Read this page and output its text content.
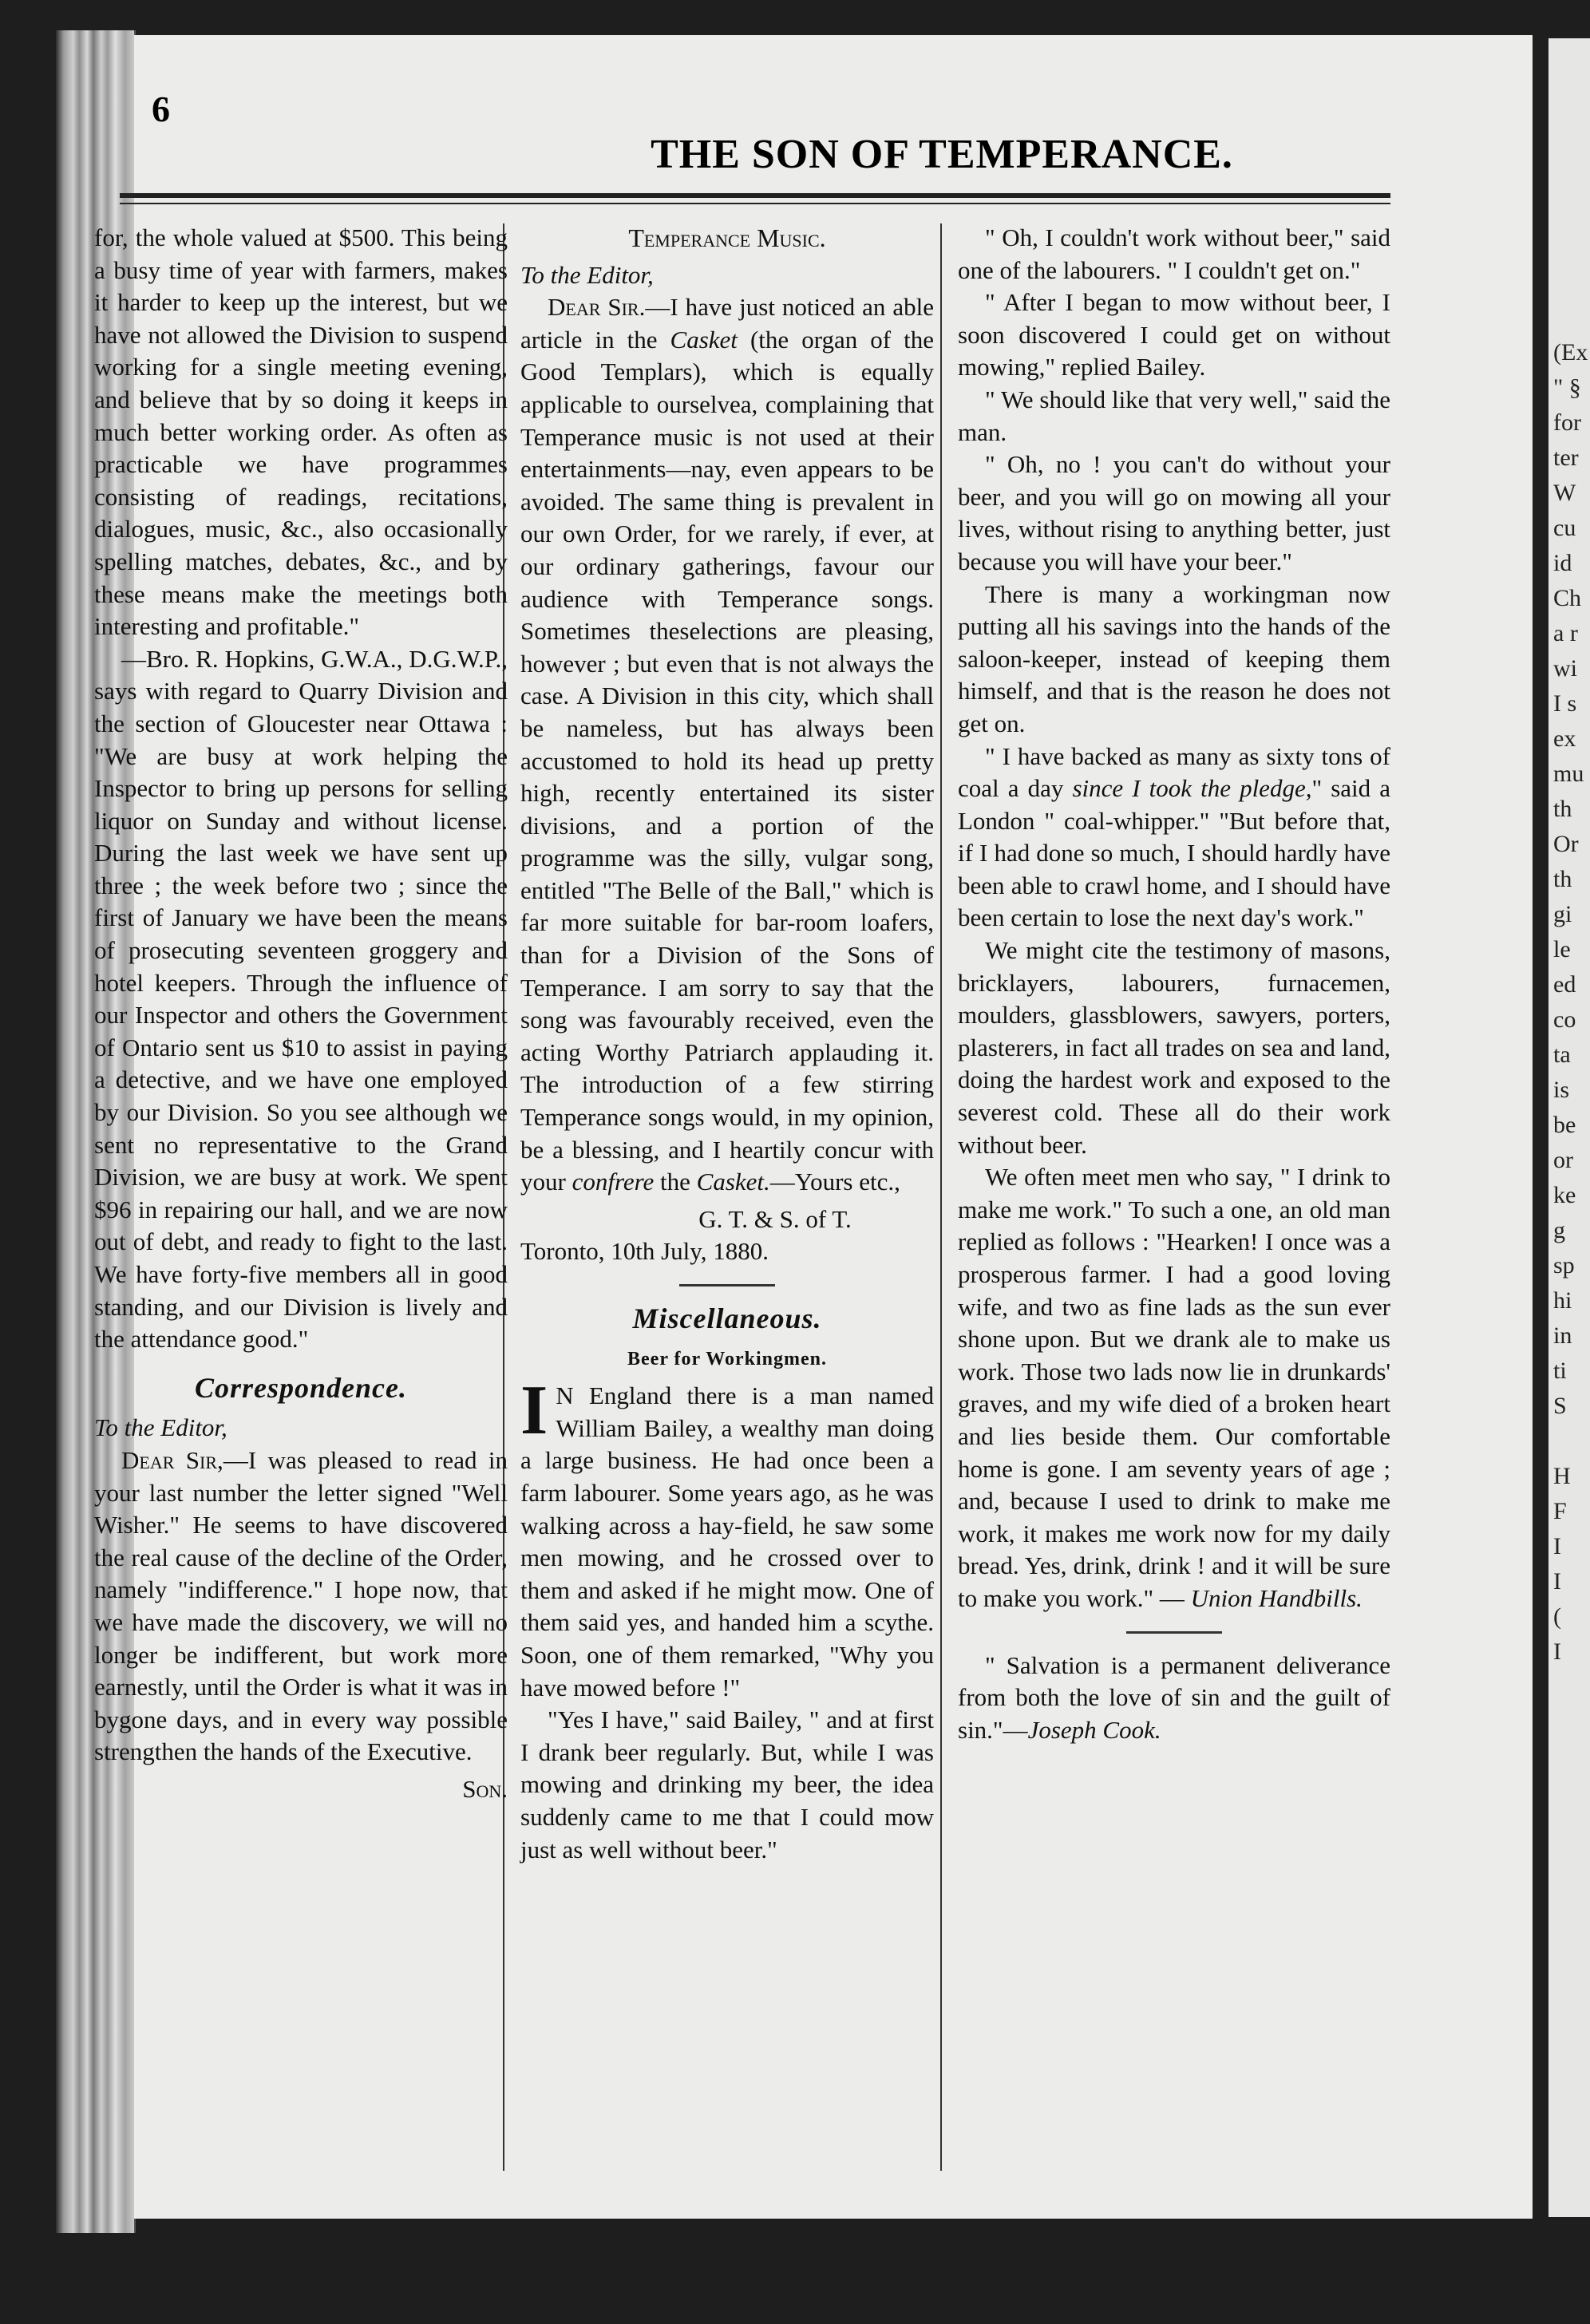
(Ex
" §
for
ter
W
cu
id
Ch
a r
wi
I s
ex
mu
th
Or
th
gi
le
ed
co
ta
is
be
or
ke
g
sp
hi
in
ti
S

H
F
I
I
(
I

6
THE SON OF TEMPERANCE.

for, the whole valued at $500. This being a busy time of year with farmers, makes it harder to keep up the interest, but we have not allowed the Division to suspend working for a single meeting evening, and believe that by so doing it keeps in much better working order. As often as practicable we have programmes consisting of readings, recitations, dialogues, music, &c., also occasionally spelling matches, debates, &c., and by these means make the meetings both interesting and profitable."

—Bro. R. Hopkins, G.W.A., D.G.W.P., says with regard to Quarry Division and the section of Gloucester near Ottawa : "We are busy at work helping the Inspector to bring up persons for selling liquor on Sunday and without license. During the last week we have sent up three ; the week before two ; since the first of January we have been the means of prosecuting seventeen groggery and hotel keepers. Through the influence of our Inspector and others the Government of Ontario sent us $10 to assist in paying a detective, and we have one employed by our Division. So you see although we sent no representative to the Grand Division, we are busy at work. We spent $96 in repairing our hall, and we are now out of debt, and ready to fight to the last. We have forty-five members all in good standing, and our Division is lively and the attendance good."

Correspondence.

To the Editor,

Dear Sir,—I was pleased to read in your last number the letter signed "Well Wisher." He seems to have discovered the real cause of the decline of the Order, namely "indifference." I hope now, that we have made the discovery, we will no longer be indifferent, but work more earnestly, until the Order is what it was in bygone days, and in every way possible strengthen the hands of the Executive.

Son.
Temperance Music.

To the Editor,

Dear Sir.—I have just noticed an able article in the Casket (the organ of the Good Templars), which is equally applicable to ourselvea, complaining that Temperance music is not used at their entertainments—nay, even appears to be avoided. The same thing is prevalent in our own Order, for we rarely, if ever, at our ordinary gatherings, favour our audience with Temperance songs. Sometimes theselections are pleasing, however ; but even that is not always the case. A Division in this city, which shall be nameless, but has always been accustomed to hold its head up pretty high, recently entertained its sister divisions, and a portion of the programme was the silly, vulgar song, entitled "The Belle of the Ball," which is far more suitable for bar-room loafers, than for a Division of the Sons of Temperance. I am sorry to say that the song was favourably received, even the acting Worthy Patriarch applauding it. The introduction of a few stirring Temperance songs would, in my opinion, be a blessing, and I heartily concur with your confrere the Casket.—Yours etc.,

G. T. & S. of T.

Toronto, 10th July, 1880.

Miscellaneous.
Beer for Workingmen.

I N England there is a man named William Bailey, a wealthy man doing a large business. He had once been a farm labourer. Some years ago, as he was walking across a hay-field, he saw some men mowing, and he crossed over to them and asked if he might mow. One of them said yes, and handed him a scythe. Soon, one of them remarked, "Why you have mowed before !"

"Yes I have," said Bailey, " and at first I drank beer regularly. But, while I was mowing and drinking my beer, the idea suddenly came to me that I could mow just as well without beer."

" Oh, I couldn't work without beer," said one of the labourers. " I couldn't get on."

" After I began to mow without beer, I soon discovered I could get on without mowing," replied Bailey.

" We should like that very well," said the man.

" Oh, no ! you can't do without your beer, and you will go on mowing all your lives, without rising to anything better, just because you will have your beer."

There is many a workingman now putting all his savings into the hands of the saloon-keeper, instead of keeping them himself, and that is the reason he does not get on.

" I have backed as many as sixty tons of coal a day since I took the pledge," said a London " coal-whipper." "But before that, if I had done so much, I should hardly have been able to crawl home, and I should have been certain to lose the next day's work."

We might cite the testimony of masons, bricklayers, labourers, furnacemen, moulders, glassblowers, sawyers, porters, plasterers, in fact all trades on sea and land, doing the hardest work and exposed to the severest cold. These all do their work without beer.

We often meet men who say, " I drink to make me work." To such a one, an old man replied as follows : "Hearken! I once was a prosperous farmer. I had a good loving wife, and two as fine lads as the sun ever shone upon. But we drank ale to make us work. Those two lads now lie in drunkards' graves, and my wife died of a broken heart and lies beside them. Our comfortable home is gone. I am seventy years of age ; and, because I used to drink to make me work, it makes me work now for my daily bread. Yes, drink, drink ! and it will be sure to make you work." — Union Handbills.

" Salvation is a permanent deliverance from both the love of sin and the guilt of sin."—Joseph Cook.
